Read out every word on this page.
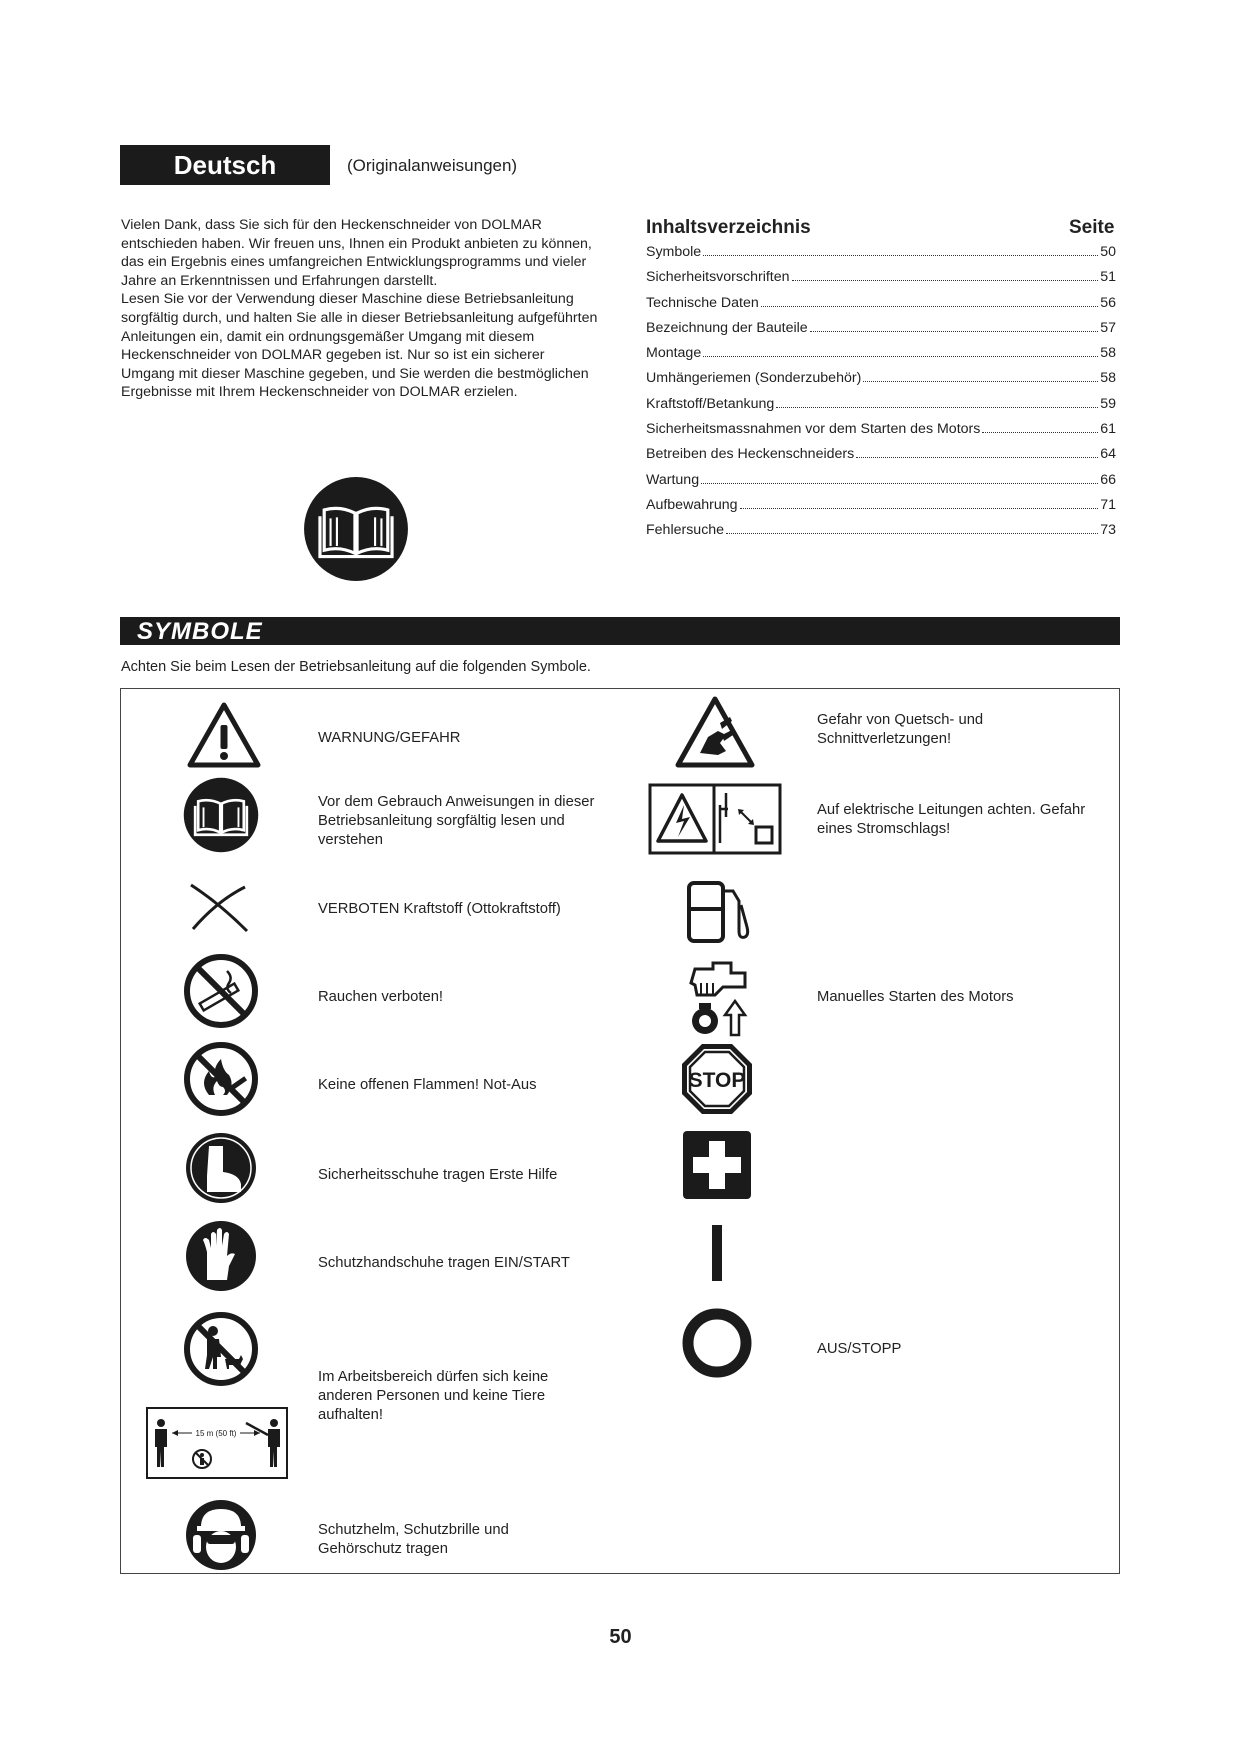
Deutsch	(Originalanweisungen)

Vielen Dank, dass Sie sich für den Heckenschneider von DOLMAR entschieden haben. Wir freuen uns, Ihnen ein Produkt anbieten zu können, das ein Ergebnis eines umfangreichen Entwicklungsprogramms und vieler Jahre an Erkenntnissen und Erfahrungen darstellt.

Lesen Sie vor der Verwendung dieser Maschine diese Betriebsanleitung sorgfältig durch, und halten Sie alle in dieser Betriebsanleitung aufgeführten Anleitungen ein, damit ein ordnungsgemäßer Umgang mit diesem Heckenschneider von DOLMAR gegeben ist. Nur so ist ein sicherer Umgang mit dieser Maschine gegeben, und Sie werden die bestmöglichen Ergebnisse mit Ihrem Heckenschneider von DOLMAR erzielen.

Inhaltsverzeichnis	Seite
Symbole	50
Sicherheitsvorschriften	51
Technische Daten	56
Bezeichnung der Bauteile	57
Montage	58
Umhängeriemen (Sonderzubehör)	58
Kraftstoff/Betankung	59
Sicherheitsmassnahmen vor dem Starten des Motors	61
Betreiben des Heckenschneiders	64
Wartung	66
Aufbewahrung	71
Fehlersuche	73
SYMBOLE
Achten Sie beim Lesen der Betriebsanleitung auf die folgenden Symbole.
WARNUNG/GEFAHR
Vor dem Gebrauch Anweisungen in dieser Betriebsanleitung sorgfältig lesen und verstehen
VERBOTEN Kraftstoff (Ottokraftstoff)
Rauchen verboten!
Keine offenen Flammen! Not-Aus
Sicherheitsschuhe tragen Erste Hilfe
Schutzhandschuhe tragen EIN/START
15 m (50 ft)
Im Arbeitsbereich dürfen sich keine anderen Personen und keine Tiere aufhalten!
Schutzhelm, Schutzbrille und Gehörschutz tragen
Gefahr von Quetsch- und Schnittverletzungen!
Auf elektrische Leitungen achten. Gefahr eines Stromschlags!
Manuelles Starten des Motors
STOP
AUS/STOPP
50
